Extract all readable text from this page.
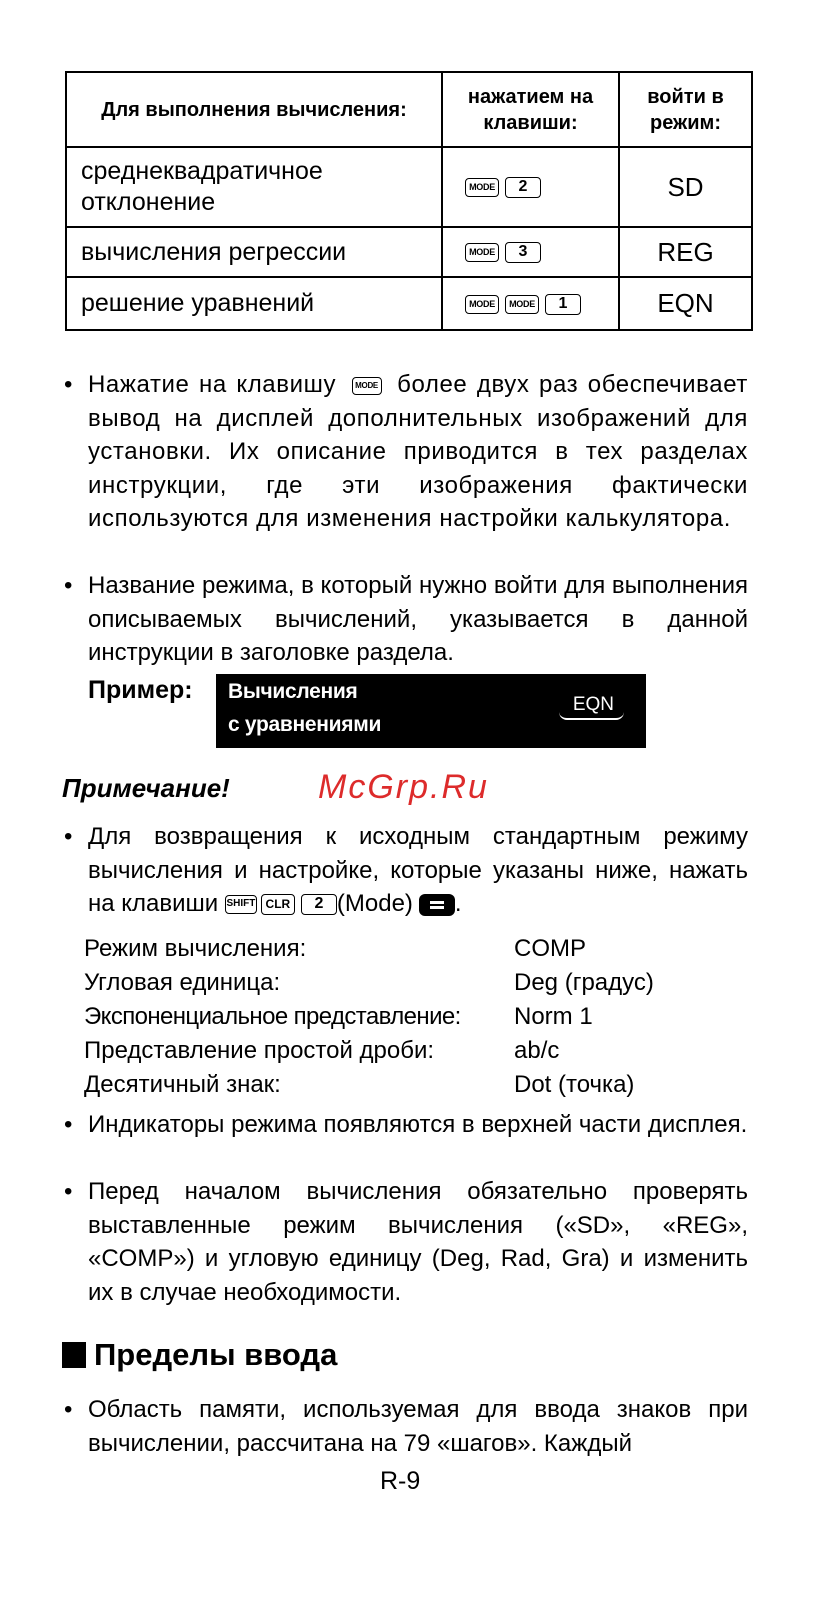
Для выполнения вычисления:	нажатием на клавиши:	войти в режим:
среднеквадратичное отклонение	MODE 2	SD
вычисления регрессии	MODE 3	REG
решение уравнений	MODE MODE 1	EQN
• Нажатие на клавишу MODE более двух раз обеспечивает вывод на дисплей дополнительных изображений для установки. Их описание приводится в тех разделах инструкции, где эти изображения фактически используются для изменения настройки калькулятора.
• Название режима, в который нужно войти для выполнения описываемых вычислений, указывается в данной инструкции в заголовке раздела.
Пример: Вычисления
с уравнениями
EQN
Примечание!	McGrp.Ru
• Для возвращения к исходным стандартным режиму вычисления и настройке, которые указаны ниже, нажать на клавиши SHIFT CLR 2 (Mode) .
Режим вычисления:	COMP
Угловая единица:	Deg (градус)
Экспоненциальное представление: Norm 1
Представление простой дроби:	ab/c
Десятичный знак:	Dot (точка)
• Индикаторы режима появляются в верхней части дисплея.
• Перед началом вычисления обязательно проверять выставленные режим вычисления («SD», «REG», «COMP») и угловую единицу (Deg, Rad, Gra) и изменить их в случае необходимости.
Пределы ввода
• Область памяти, используемая для ввода знаков при вычислении, рассчитана на 79 «шагов». Каждый
R-9
